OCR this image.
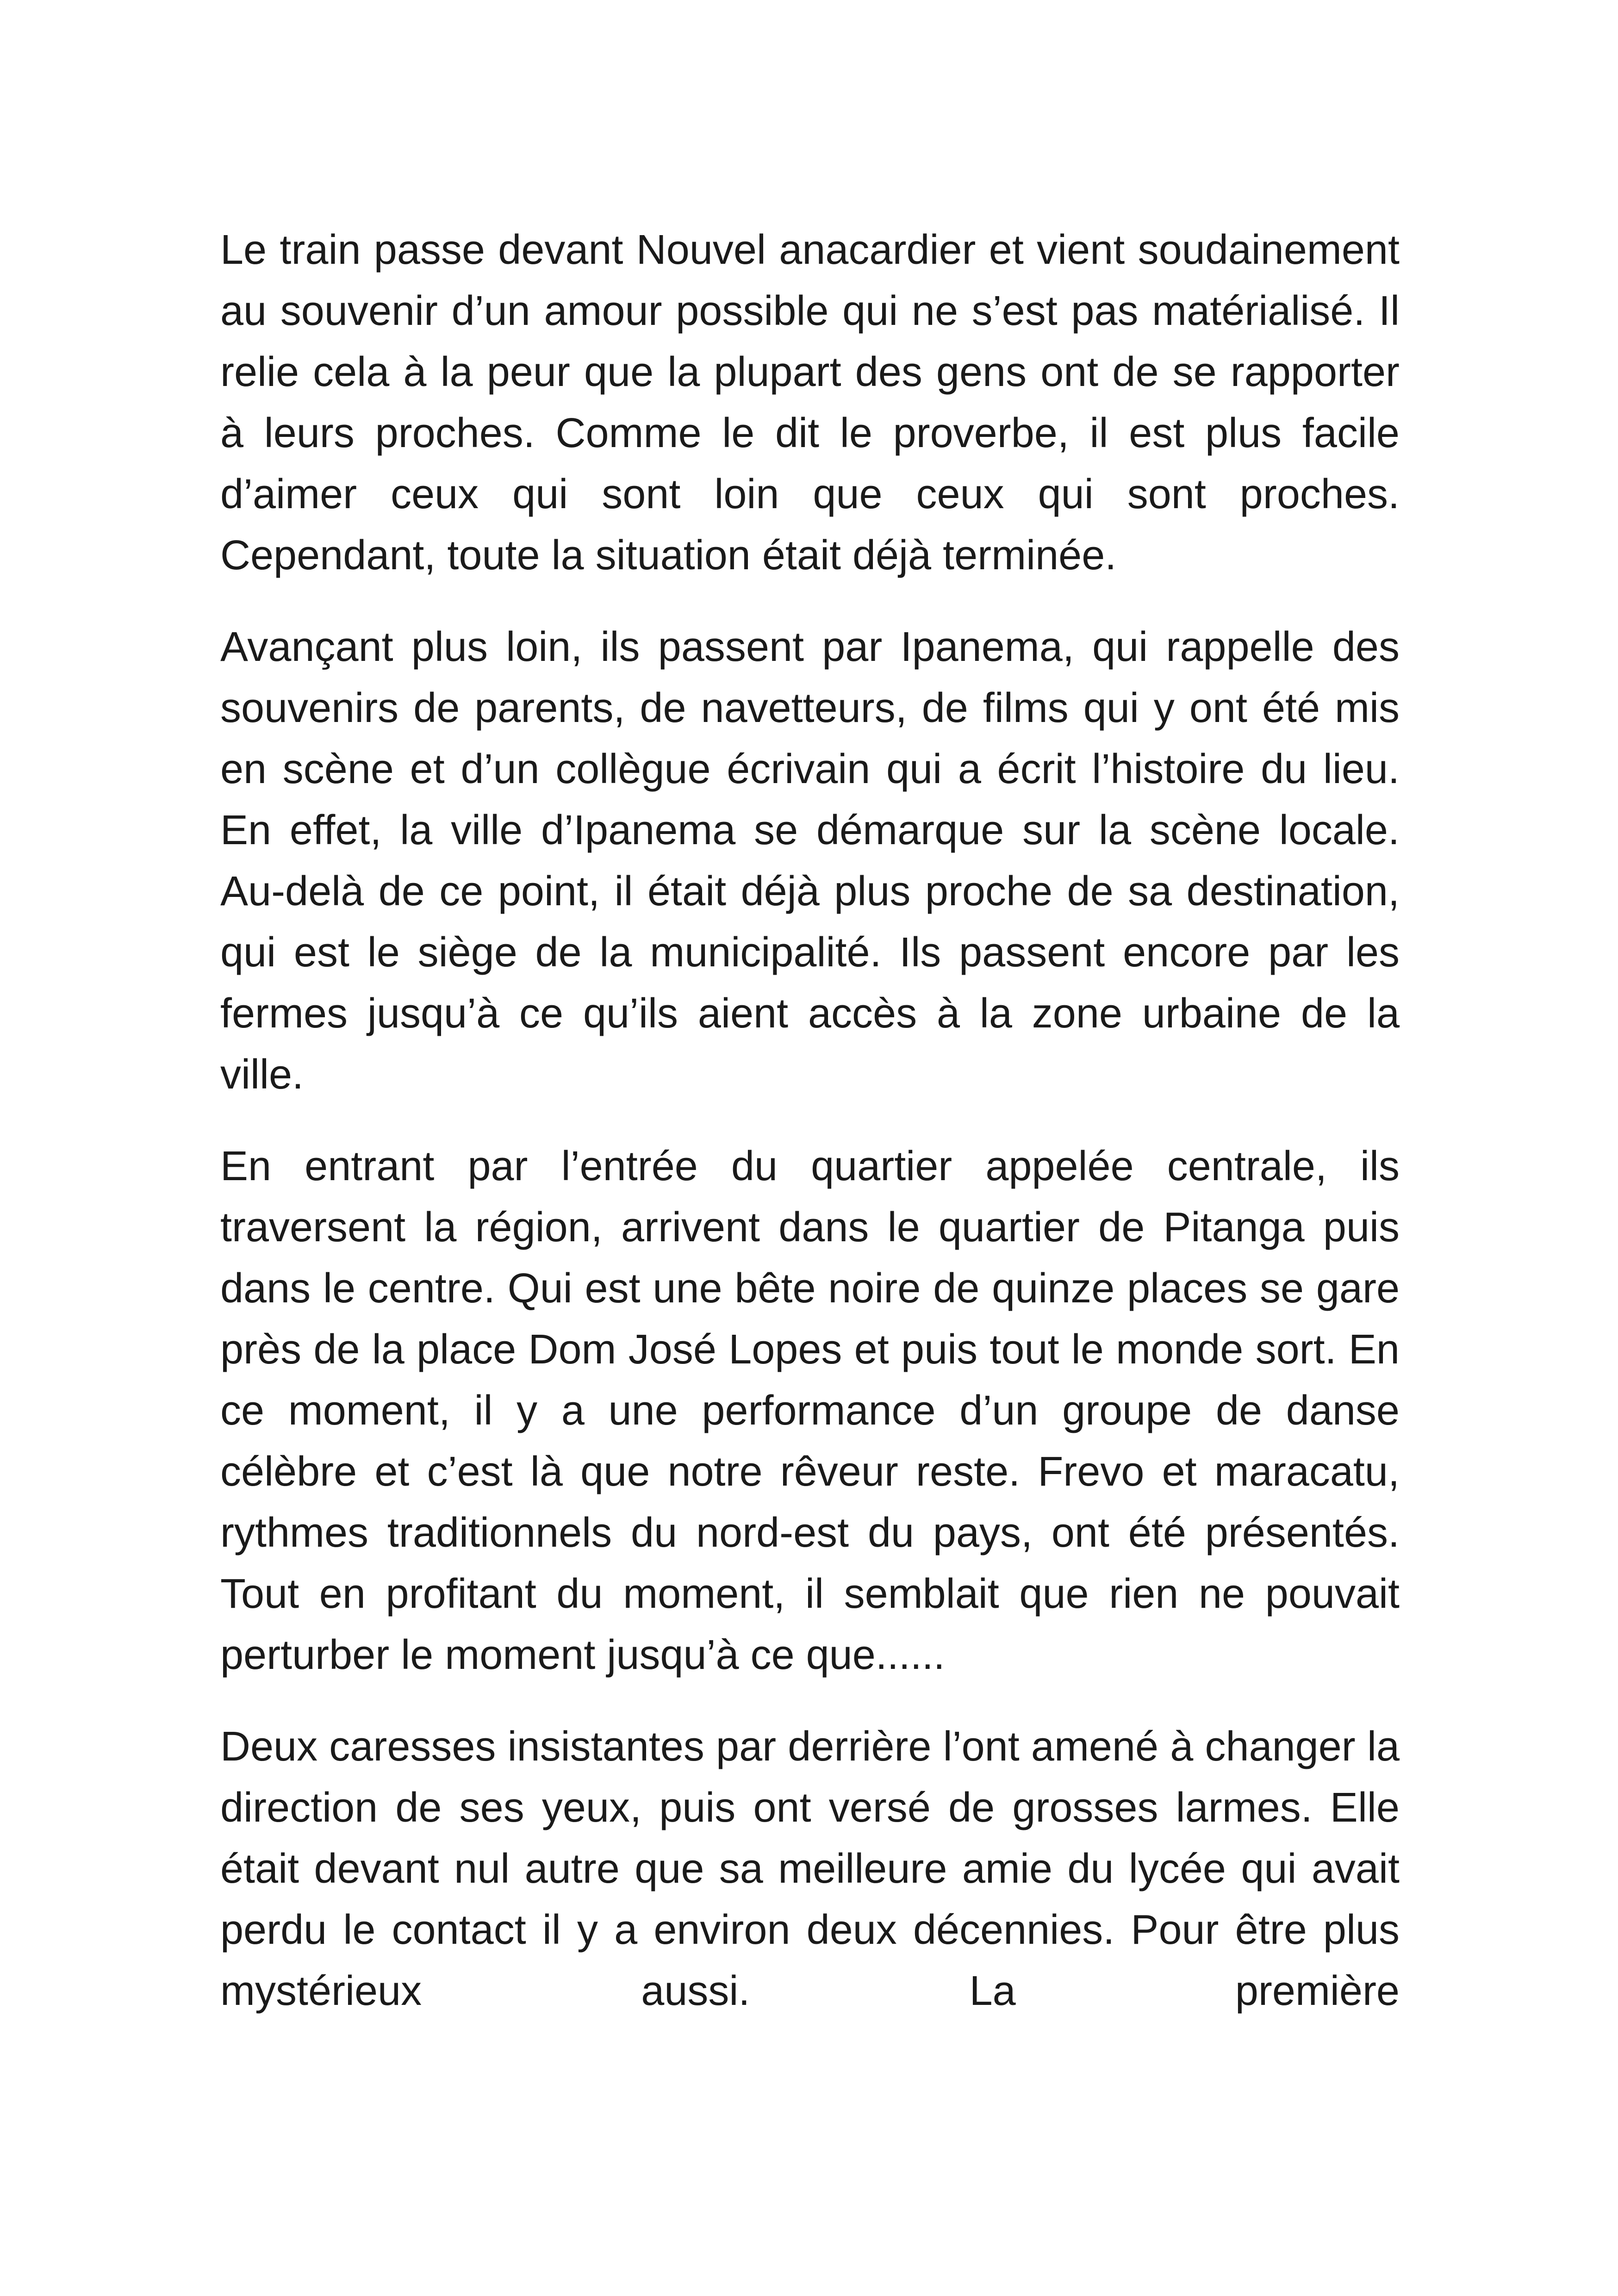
Le train passe devant Nouvel anacardier et vient soudainement au souvenir d’un amour possible qui ne s’est pas matérialisé. Il relie cela à la peur que la plupart des gens ont de se rapporter à leurs proches. Comme le dit le proverbe, il est plus facile d’aimer ceux qui sont loin que ceux qui sont proches. Cependant, toute la situation était déjà terminée.

Avançant plus loin, ils passent par Ipanema, qui rappelle des souvenirs de parents, de navetteurs, de films qui y ont été mis en scène et d’un collègue écrivain qui a écrit l’histoire du lieu. En effet, la ville d’Ipanema se démarque sur la scène locale. Au-delà de ce point, il était déjà plus proche de sa destination, qui est le siège de la municipalité. Ils passent encore par les fermes jusqu’à ce qu’ils aient accès à la zone urbaine de la ville.

En entrant par l’entrée du quartier appelée centrale, ils traversent la région, arrivent dans le quartier de Pitanga puis dans le centre. Qui est une bête noire de quinze places se gare près de la place Dom José Lopes et puis tout le monde sort. En ce moment, il y a une performance d’un groupe de danse célèbre et c’est là que notre rêveur reste. Frevo et maracatu, rythmes traditionnels du nord-est du pays, ont été présentés. Tout en profitant du moment, il semblait que rien ne pouvait perturber le moment jusqu’à ce que......

Deux caresses insistantes par derrière l’ont amené à changer la direction de ses yeux, puis ont versé de grosses larmes. Elle était devant nul autre que sa meilleure amie du lycée qui avait perdu le contact il y a environ deux décennies. Pour être plus mystérieux aussi. La première
